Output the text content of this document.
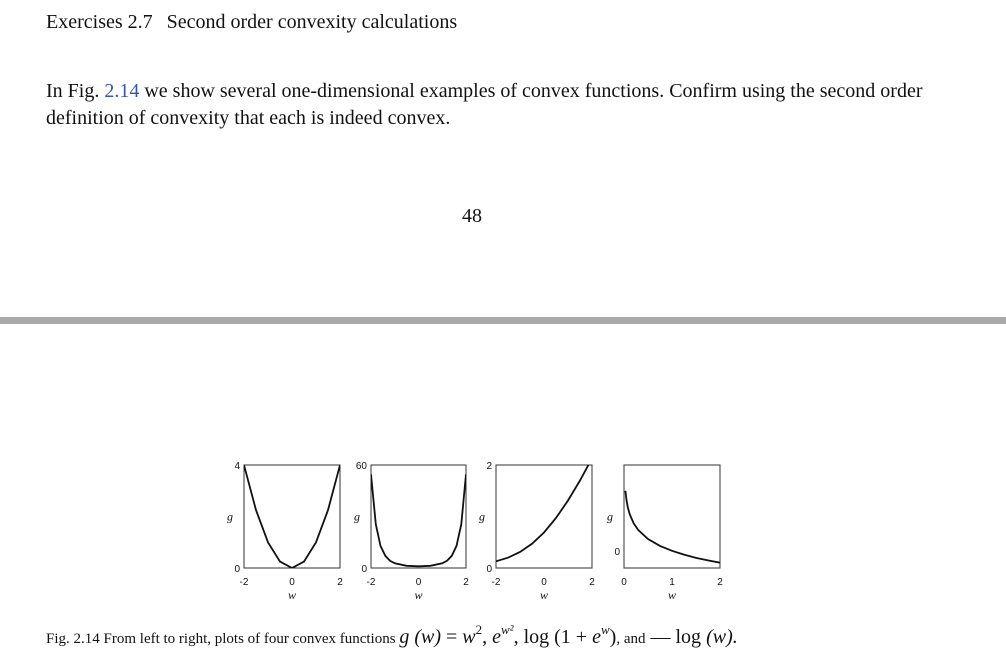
Exercises 2.7 Second order convexity calculations
In Fig. 2.14 we show several one-dimensional examples of convex functions. Confirm using the second order definition of convexity that each is indeed convex.
48
-2	0	2
0
4
w
g
-2	0	2
0
60
w
g
-2	0	2
0
2
w
g
0	1	2
0
w
g
Fig. 2.14 From left to right, plots of four convex functions g $(w) = w^2$, $e^{w^2}$, $\log (1 + e^w)$, and — log (w).
